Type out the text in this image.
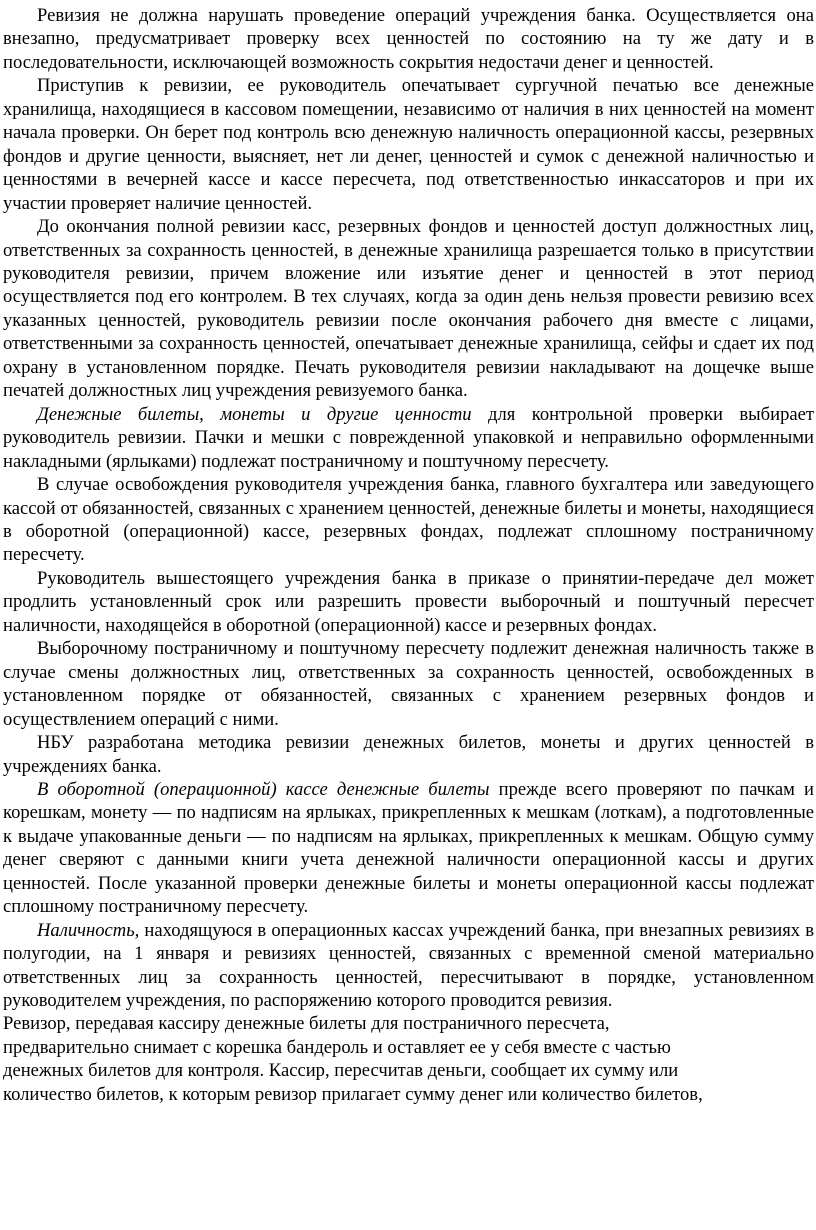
Ревизия не должна нарушать проведение операций учреждения банка. Осуществляется она внезапно, предусматривает проверку всех ценностей по состоянию на ту же дату и в последовательности, исключающей возможность сокрытия недостачи денег и ценностей.

Приступив к ревизии, ее руководитель опечатывает сургучной печатью все денежные хранилища, находящиеся в кассовом помещении, независимо от наличия в них ценностей на момент начала проверки. Он берет под контроль всю денежную наличность операционной кассы, резервных фондов и другие ценности, выясняет, нет ли денег, ценностей и сумок с денежной наличностью и ценностями в вечерней кассе и кассе пересчета, под ответственностью инкассаторов и при их участии проверяет наличие ценностей.

До окончания полной ревизии касс, резервных фондов и ценностей доступ должностных лиц, ответственных за сохранность ценностей, в денежные хранилища разрешается только в присутствии руководителя ревизии, причем вложение или изъятие денег и ценностей в этот период осуществляется под его контролем. В тех случаях, когда за один день нельзя провести ревизию всех указанных ценностей, руководитель ревизии после окончания рабочего дня вместе с лицами, ответственными за сохранность ценностей, опечатывает денежные хранилища, сейфы и сдает их под охрану в установленном порядке. Печать руководителя ревизии накладывают на дощечке выше печатей должностных лиц учреждения ревизуемого банка.

Денежные билеты, монеты и другие ценности для контрольной проверки выбирает руководитель ревизии. Пачки и мешки с поврежденной упаковкой и неправильно оформленными накладными (ярлыками) подлежат постраничному и поштучному пересчету.

В случае освобождения руководителя учреждения банка, главного бухгалтера или заведующего кассой от обязанностей, связанных с хранением ценностей, денежные билеты и монеты, находящиеся в оборотной (операционной) кассе, резервных фондах, подлежат сплошному постраничному пересчету.

Руководитель вышестоящего учреждения банка в приказе о принятии-передаче дел может продлить установленный срок или разрешить провести выборочный и поштучный пересчет наличности, находящейся в оборотной (операционной) кассе и резервных фондах.

Выборочному постраничному и поштучному пересчету подлежит денежная наличность также в случае смены должностных лиц, ответственных за сохранность ценностей, освобожденных в установленном порядке от обязанностей, связанных с хранением резервных фондов и осуществлением операций с ними.

НБУ разработана методика ревизии денежных билетов, монеты и других ценностей в учреждениях банка.

В оборотной (операционной) кассе денежные билеты прежде всего проверяют по пачкам и корешкам, монету — по надписям на ярлыках, прикрепленных к мешкам (лоткам), а подготовленные к выдаче упакованные деньги — по надписям на ярлыках, прикрепленных к мешкам. Общую сумму денег сверяют с данными книги учета денежной наличности операционной кассы и других ценностей. После указанной проверки денежные билеты и монеты операционной кассы подлежат сплошному постраничному пересчету.

Наличность, находящуюся в операционных кассах учреждений банка, при внезапных ревизиях в полугодии, на 1 января и ревизиях ценностей, связанных с временной сменой материально ответственных лиц за сохранность ценностей, пересчитывают в порядке, установленном руководителем учреждения, по распоряжению которого проводится ревизия.

Ревизор, передавая кассиру денежные билеты для постраничного пересчета,
предварительно снимает с корешка бандероль и оставляет ее у себя вместе с частью
денежных билетов для контроля. Кассир, пересчитав деньги, сообщает их сумму или
количество билетов, к которым ревизор прилагает сумму денег или количество билетов,
